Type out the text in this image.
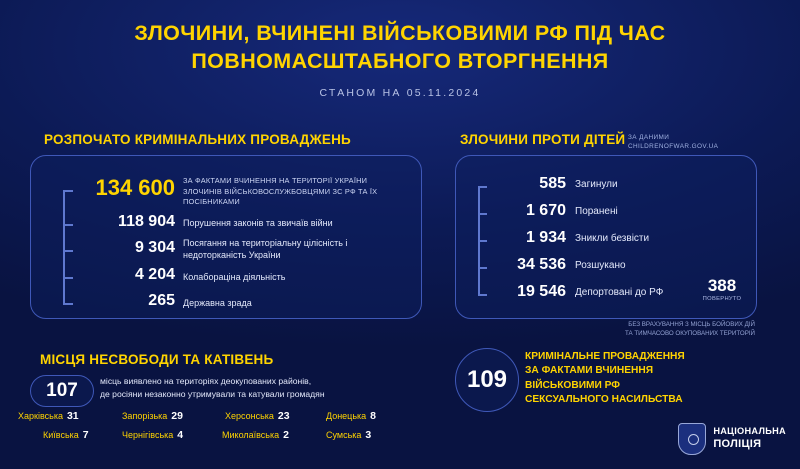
ЗЛОЧИНИ, ВЧИНЕНІ ВІЙСЬКОВИМИ РФ ПІД ЧАС
ПОВНОМАСШТАБНОГО ВТОРГНЕННЯ
СТАНОМ НА 05.11.2024
РОЗПОЧАТО КРИМІНАЛЬНИХ ПРОВАДЖЕНЬ
134 600 ЗА ФАКТАМИ ВЧИНЕННЯ НА ТЕРИТОРІЇ УКРАЇНИ ЗЛОЧИНІВ ВІЙСЬКОВОСЛУЖБОВЦЯМИ ЗС РФ ТА ЇХ ПОСІБНИКАМИ
118 904 Порушення законів та звичаїв війни
9 304 Посягання на територіальну цілісність і недоторканість України
4 204 Колабораціна діяльність
265 Державна зрада
ЗЛОЧИНИ ПРОТИ ДІТЕЙ ЗА ДАНИМИ
CHILDRENOFWAR.GOV.UA
585 Загинули
1 670 Поранені
1 934 Зникли безвісти
34 536 Розшукано
19 546 Депортовані до РФ	388
ПОВЕРНУТО
БЕЗ ВРАХУВАННЯ З МІСЦЬ БОЙОВИХ ДІЙ
ТА ТИМЧАСОВО ОКУПОВАНИХ ТЕРИТОРІЙ
МІСЦЯ НЕСВОБОДИ ТА КАТІВЕНЬ
107	місць виявлено на територіях деокупованих районів,
де росіяни незаконно утримували та катували громадян
Харківська 31	Запорізька 29	Херсонська 23	Донецька 8
Київська 7	Чернігівська 4	Миколаївська 2	Сумська 3
109
КРИМІНАЛЬНЕ ПРОВАДЖЕННЯ
ЗА ФАКТАМИ ВЧИНЕННЯ
ВІЙСЬКОВИМИ РФ
СЕКСУАЛЬНОГО НАСИЛЬСТВА
НАЦІОНАЛЬНА
ПОЛІЦІЯ
